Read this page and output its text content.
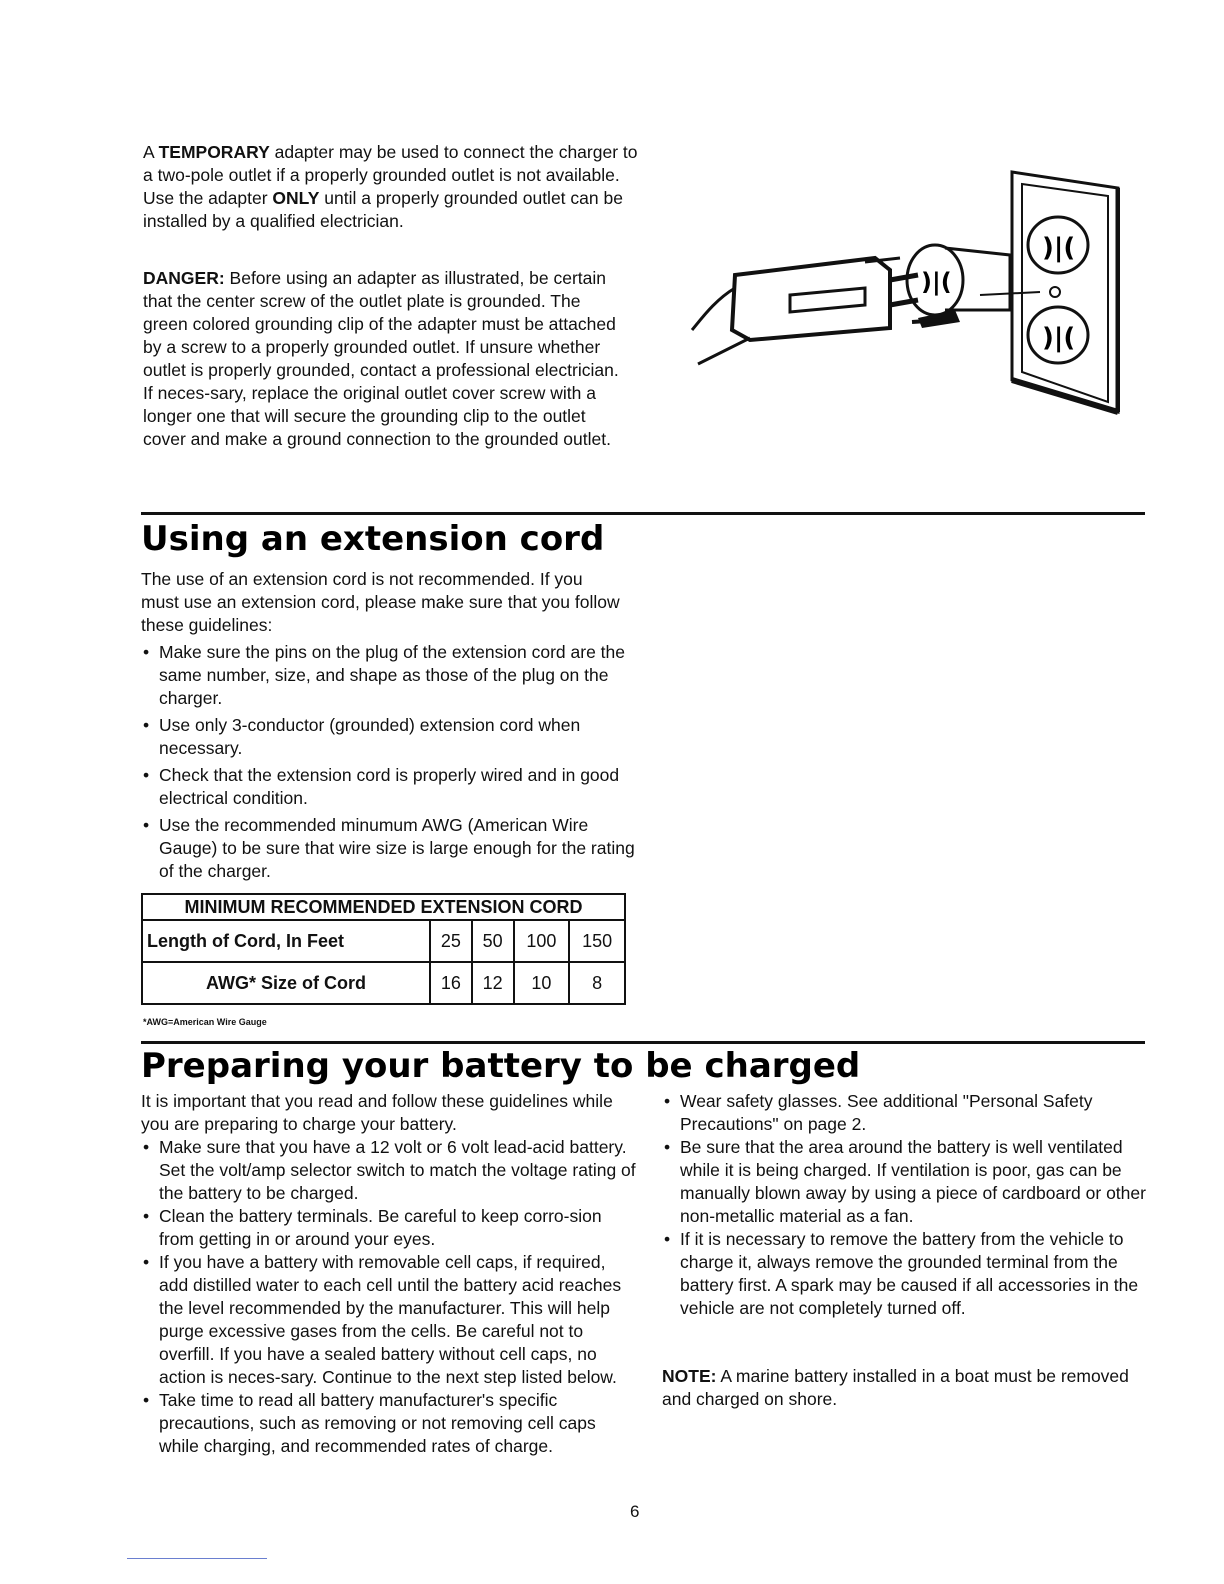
A TEMPORARY adapter may be used to connect the charger to a two-pole outlet if a properly grounded outlet is not available. Use the adapter ONLY until a properly grounded outlet can be installed by a qualified electrician.

DANGER: Before using an adapter as illustrated, be certain that the center screw of the outlet plate is grounded. The green colored grounding clip of the adapter must be attached by a screw to a properly grounded outlet. If unsure whether outlet is properly grounded, contact a professional electrician. If neces-sary, replace the original outlet cover screw with a longer one that will secure the grounding clip to the outlet cover and make a ground connection to the grounded outlet.

)|(
)|(
)|(
Using an extension cord

The use of an extension cord is not recommended. If you must use an extension cord, please make sure that you follow these guidelines:

• Make sure the pins on the plug of the extension cord are the same number, size, and shape as those of the plug on the charger.
• Use only 3-conductor (grounded) extension cord when necessary.
• Check that the extension cord is properly wired and in good electrical condition.
• Use the recommended minumum AWG (American Wire Gauge) to be sure that wire size is large enough for the rating of the charger.
MINIMUM RECOMMENDED EXTENSION CORD				
Length of Cord, In Feet	25	50	100	150
AWG* Size of Cord	16	12	10	8
*AWG=American Wire Gauge
Preparing your battery to be charged

It is important that you read and follow these guidelines while you are preparing to charge your battery.

• Make sure that you have a 12 volt or 6 volt lead-acid battery. Set the volt/amp selector switch to match the voltage rating of the battery to be charged.
• Clean the battery terminals. Be careful to keep corro-sion from getting in or around your eyes.
• If you have a battery with removable cell caps, if required, add distilled water to each cell until the battery acid reaches the level recommended by the manufacturer. This will help purge excessive gases from the cells. Be careful not to overfill. If you have a sealed battery without cell caps, no action is neces-sary. Continue to the next step listed below.
• Take time to read all battery manufacturer's specific precautions, such as removing or not removing cell caps while charging, and recommended rates of charge.
• Wear safety glasses. See additional "Personal Safety Precautions" on page 2.
• Be sure that the area around the battery is well ventilated while it is being charged. If ventilation is poor, gas can be manually blown away by using a piece of cardboard or other non-metallic material as a fan.
• If it is necessary to remove the battery from the vehicle to charge it, always remove the grounded terminal from the battery first. A spark may be caused if all accessories in the vehicle are not completely turned off.

NOTE: A marine battery installed in a boat must be removed and charged on shore.

6
